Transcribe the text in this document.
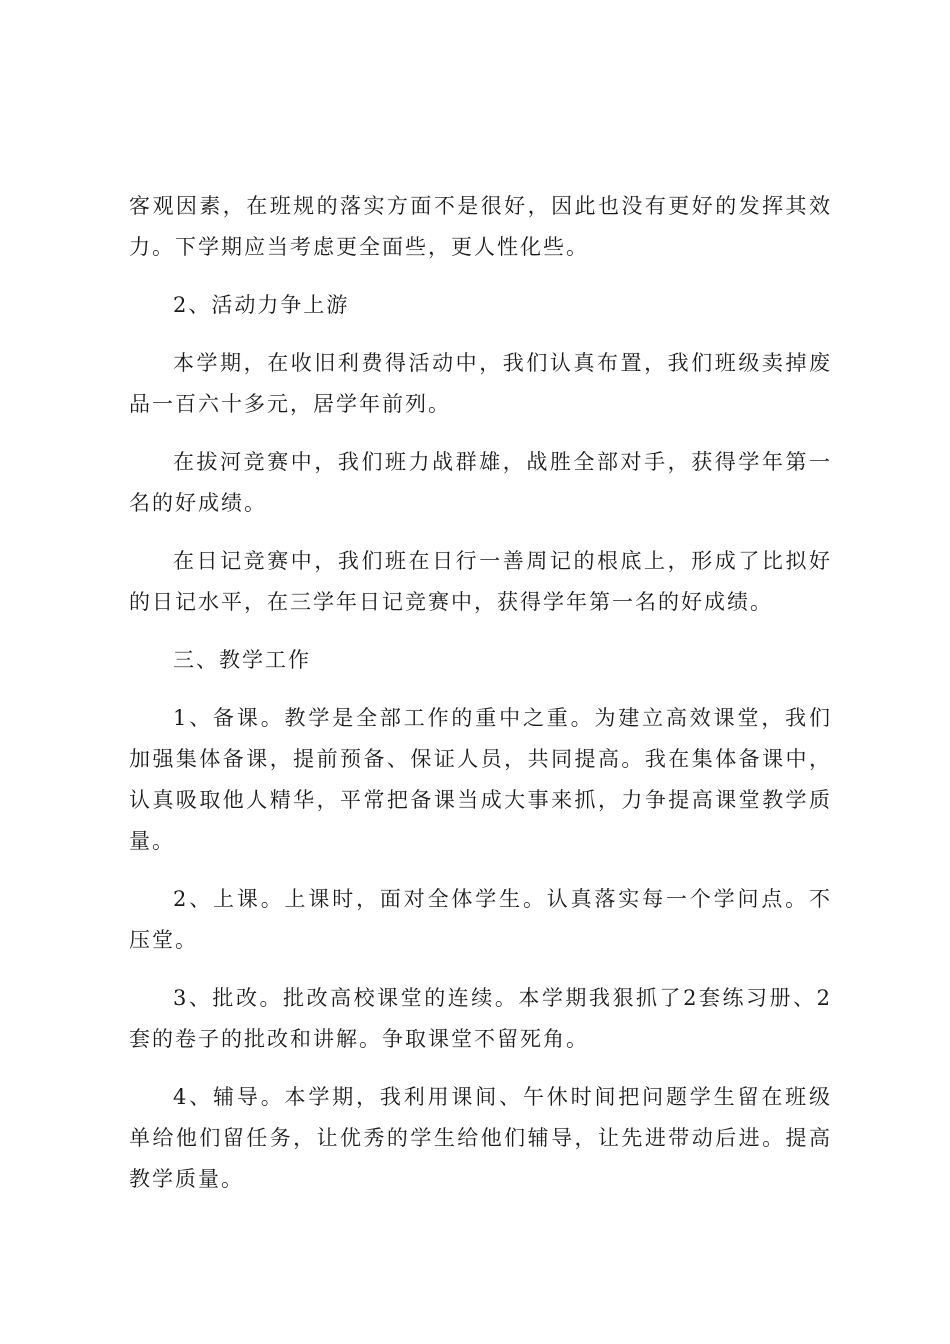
客观因素，在班规的落实方面不是很好，因此也没有更好的发挥其效力。下学期应当考虑更全面些，更人性化些。

2、活动力争上游

本学期，在收旧利费得活动中，我们认真布置，我们班级卖掉废品一百六十多元，居学年前列。

在拔河竞赛中，我们班力战群雄，战胜全部对手，获得学年第一名的好成绩。

在日记竞赛中，我们班在日行一善周记的根底上，形成了比拟好的日记水平，在三学年日记竞赛中，获得学年第一名的好成绩。

三、教学工作

1、备课。教学是全部工作的重中之重。为建立高效课堂，我们加强集体备课，提前预备、保证人员，共同提高。我在集体备课中，认真吸取他人精华，平常把备课当成大事来抓，力争提高课堂教学质量。

2、上课。上课时，面对全体学生。认真落实每一个学问点。不压堂。

3、批改。批改高校课堂的连续。本学期我狠抓了2套练习册、2套的卷子的批改和讲解。争取课堂不留死角。

4、辅导。本学期，我利用课间、午休时间把问题学生留在班级单给他们留任务，让优秀的学生给他们辅导，让先进带动后进。提高教学质量。
